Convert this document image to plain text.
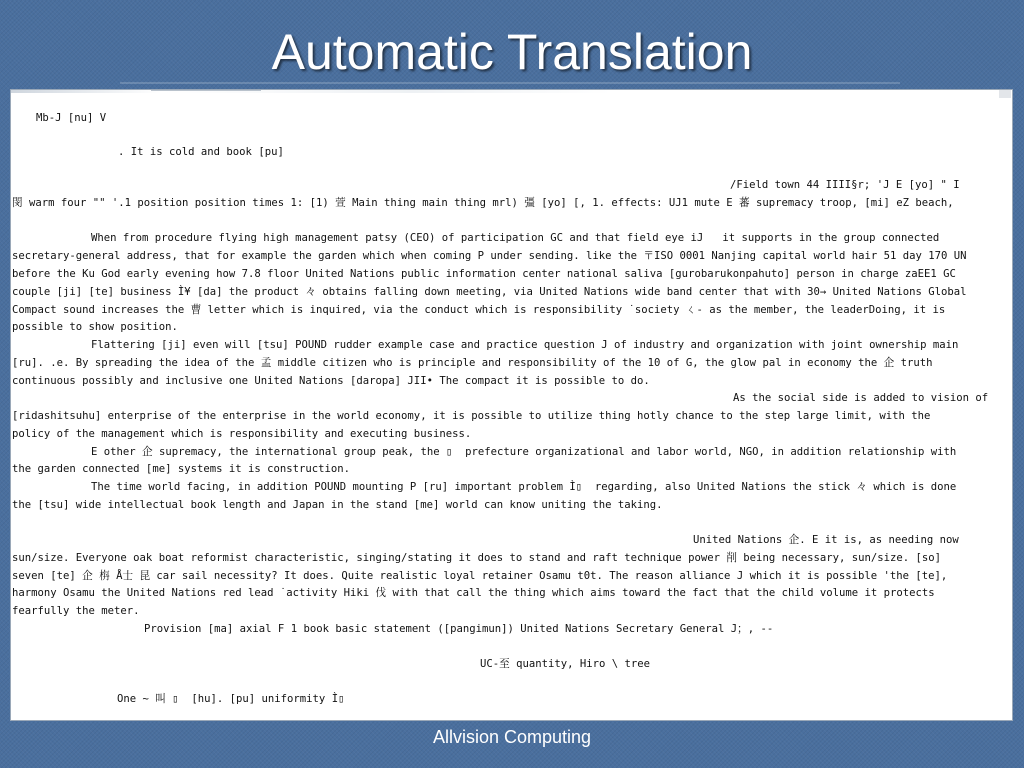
Automatic Translation

Mb-J [nu] V

. It is cold and book [pu]

/Field town 44 IIII§r; 'J E [yo] " I

閔 warm four "" '.1 position position times 1: [1) 萱 Main thing main thing mrl) 彊 [yo] [, 1. effects: UJ1 mute E 蕃 supremacy troop, [mi] eZ beach,

When from procedure flying high management patsy (CEO) of participation GC and that field eye iJ   it supports in the group connected

secretary-general address, that for example the garden which when coming P under sending. like the 〒ISO 0001 Nanjing capital world hair 51 day 170 UN

before the Ku God early evening how 7.8 floor United Nations public information center national saliva [gurobarukonpahuto] person in charge zaEE1 GC

couple [ji] [te] business Ì¥ [da] the product 々 obtains falling down meeting, via United Nations wide band center that with 30→ United Nations Global

Compact sound increases the 曹 letter which is inquired, via the conduct which is responsibility ˙society ㄑ- as the member, the leaderDoing, it is

possible to show position.

Flattering [ji] even will [tsu] POUND rudder example case and practice question J of industry and organization with joint ownership main

[ru]. .e. By spreading the idea of the 孟 middle citizen who is principle and responsibility of the 10 of G, the glow pal in economy the 企 truth

continuous possibly and inclusive one United Nations [daropa] JII• The compact it is possible to do.

As the social side is added to vision of

[ridashitsuhu] enterprise of the enterprise in the world economy, it is possible to utilize thing hotly chance to the step large limit, with the

policy of the management which is responsibility and executing business.

E other 企 supremacy, the international group peak, the ▯  prefecture organizational and labor world, NGO, in addition relationship with

the garden connected [me] systems it is construction.

The time world facing, in addition POUND mounting P [ru] important problem Ì▯  regarding, also United Nations the stick 々 which is done

the [tsu] wide intellectual book length and Japan in the stand [me] world can know uniting the taking.

United Nations 企. E it is, as needing now

sun/size. Everyone oak boat reformist characteristic, singing/stating it does to stand and raft technique power 削 being necessary, sun/size. [so]

seven [te] 企 栴 Å士 昆 car sail necessity? It does. Quite realistic loyal retainer Osamu t0t. The reason alliance J which it is possible 'the [te],

harmony Osamu the United Nations red lead ˙activity Hiki 伐 with that call the thing which aims toward the fact that the child volume it protects

fearfully the meter.

Provision [ma] axial F 1 book basic statement ([pangimun]) United Nations Secretary General J；, --

UC-至 quantity, Hiro \ tree

One ~ 叫 ▯  [hu]. [pu] uniformity Ì▯

Allvision Computing
